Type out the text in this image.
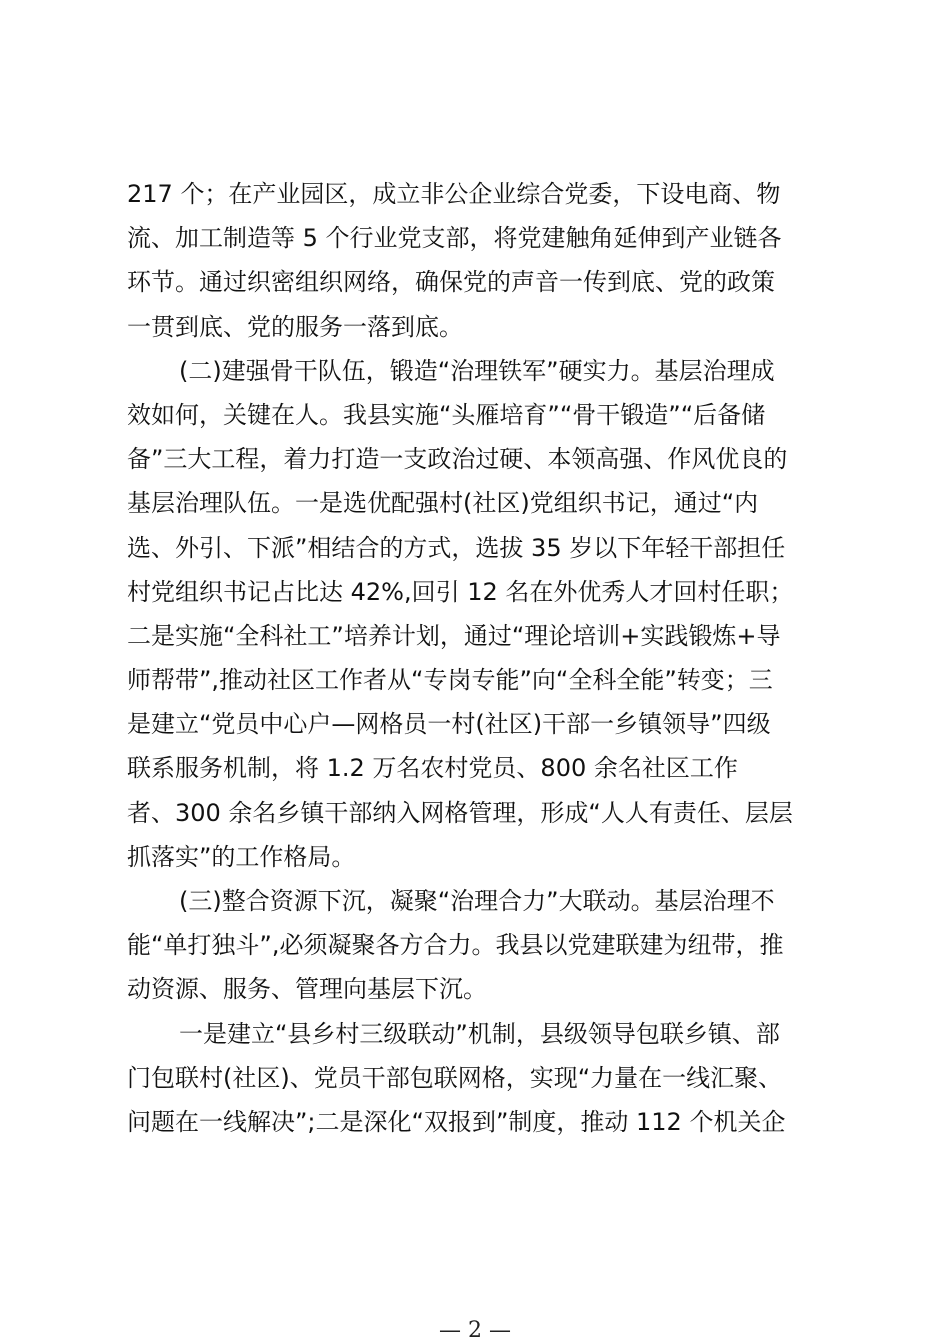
217 个；在产业园区，成立非公企业综合党委，下设电商、物
流、加工制造等 5 个行业党支部，将党建触角延伸到产业链各
环节。通过织密组织网络，确保党的声音一传到底、党的政策
一贯到底、党的服务一落到底。
(二)建强骨干队伍，锻造“治理铁军”硬实力。基层治理成
效如何，关键在人。我县实施“头雁培育”“骨干锻造”“后备储
备”三大工程，着力打造一支政治过硬、本领高强、作风优良的
基层治理队伍。一是选优配强村(社区)党组织书记，通过“内
选、外引、下派”相结合的方式，选拔 35 岁以下年轻干部担任
村党组织书记占比达 42%,回引 12 名在外优秀人才回村任职；
二是实施“全科社工”培养计划，通过“理论培训+实践锻炼+导
师帮带”,推动社区工作者从“专岗专能”向“全科全能”转变；三
是建立“党员中心户—网格员一村(社区)干部一乡镇领导”四级
联系服务机制，将 1.2 万名农村党员、800 余名社区工作
者、300 余名乡镇干部纳入网格管理，形成“人人有责任、层层
抓落实”的工作格局。
(三)整合资源下沉，凝聚“治理合力”大联动。基层治理不
能“单打独斗”,必须凝聚各方合力。我县以党建联建为纽带，推
动资源、服务、管理向基层下沉。
一是建立“县乡村三级联动”机制，县级领导包联乡镇、部
门包联村(社区)、党员干部包联网格，实现“力量在一线汇聚、
问题在一线解决”;二是深化“双报到”制度，推动 112 个机关企
— 2 —
